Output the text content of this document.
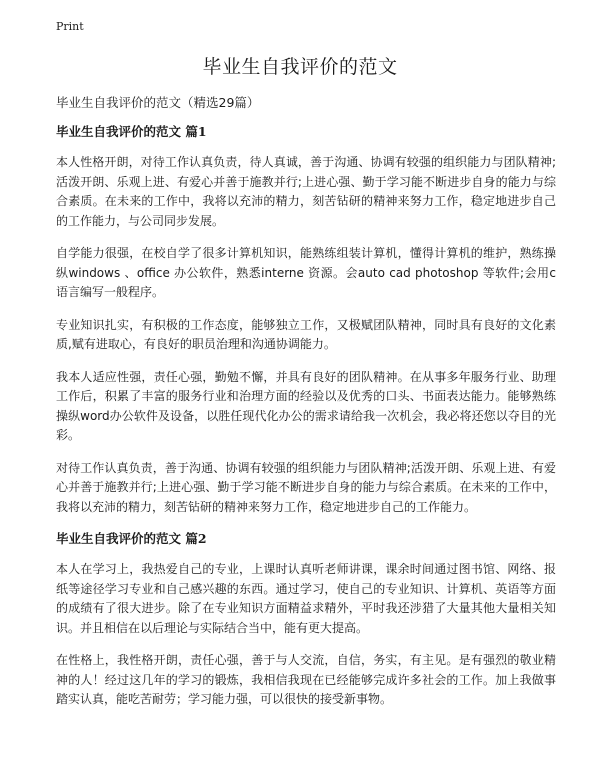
Print
毕业生自我评价的范文

毕业生自我评价的范文（精选29篇）

毕业生自我评价的范文 篇1

本人性格开朗，对待工作认真负责，待人真诚，善于沟通、协调有较强的组织能力与团队精神;活泼开朗、乐观上进、有爱心并善于施教并行;上进心强、勤于学习能不断进步自身的能力与综合素质。在未来的工作中，我将以充沛的精力，刻苦钻研的精神来努力工作，稳定地进步自己的工作能力，与公司同步发展。

自学能力很强，在校自学了很多计算机知识，能熟练组装计算机，懂得计算机的维护，熟练操纵windows 、office 办公软件，熟悉interne 资源。会auto cad photoshop 等软件;会用c语言编写一般程序。

专业知识扎实，有积极的工作态度，能够独立工作，又极赋团队精神，同时具有良好的文化素质,赋有进取心，有良好的职员治理和沟通协调能力。

我本人适应性强，责任心强，勤勉不懈，并具有良好的团队精神。在从事多年服务行业、助理工作后，积累了丰富的服务行业和治理方面的经验以及优秀的口头、书面表达能力。能够熟练操纵word办公软件及设备，以胜任现代化办公的需求请给我一次机会，我必将还您以夺目的光彩。

对待工作认真负责，善于沟通、协调有较强的组织能力与团队精神;活泼开朗、乐观上进、有爱心并善于施教并行;上进心强、勤于学习能不断进步自身的能力与综合素质。在未来的工作中，我将以充沛的精力，刻苦钻研的精神来努力工作，稳定地进步自己的工作能力。

毕业生自我评价的范文 篇2

本人在学习上，我热爱自己的专业，上课时认真听老师讲课，课余时间通过图书馆、网络、报纸等途径学习专业和自己感兴趣的东西。通过学习，使自己的专业知识、计算机、英语等方面的成绩有了很大进步。除了在专业知识方面精益求精外，平时我还涉猎了大量其他大量相关知识。并且相信在以后理论与实际结合当中，能有更大提高。

在性格上，我性格开朗，责任心强，善于与人交流，自信，务实，有主见。是有强烈的敬业精神的人！经过这几年的学习的锻炼，我相信我现在已经能够完成许多社会的工作。加上我做事踏实认真，能吃苦耐劳；学习能力强，可以很快的接受新事物。
